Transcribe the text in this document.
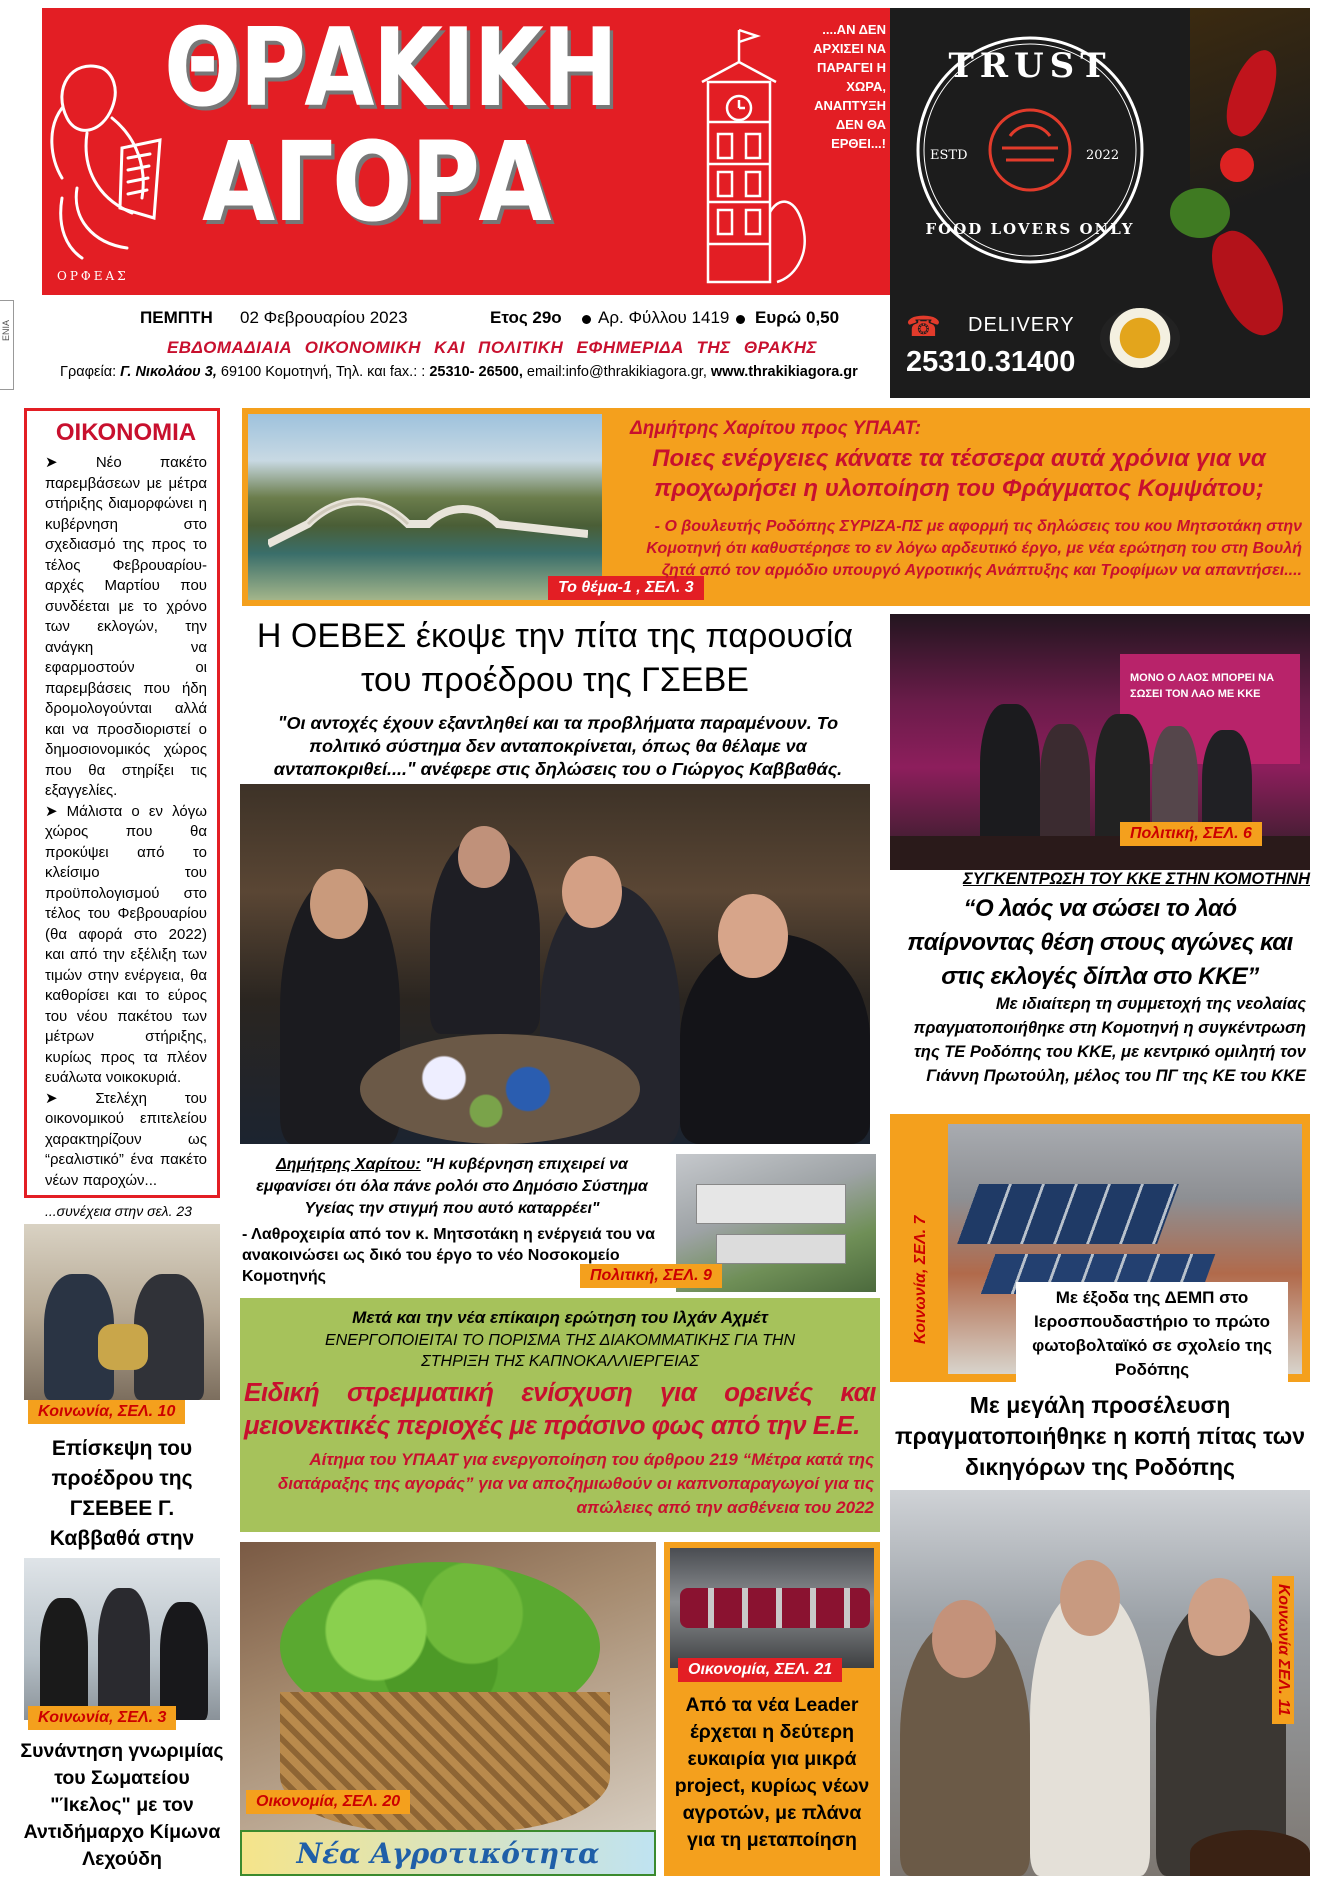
ΟΡΦΕΑΣ
ΘΡΑΚΙΚΗ
ΑΓΟΡΑ
....ΑΝ ΔΕΝ ΑΡΧΙΣΕΙ ΝΑ ΠΑΡΑΓΕΙ Η ΧΩΡΑ, ΑΝΑΠΤΥΞΗ ΔΕΝ ΘΑ ΕΡΘΕΙ...!
ΠΕΜΠΤΗ 02 Φεβρουαρίου 2023	Ετος 29ο Αρ. Φύλλου 1419 Ευρώ 0,50
ΕΒΔΟΜΑΔΙΑΙΑ ΟΙΚΟΝΟΜΙΚΗ ΚΑΙ ΠΟΛΙΤΙΚΗ ΕΦΗΜΕΡΙΔΑ ΤΗΣ ΘΡΑΚΗΣ
Γραφεία: Γ. Νικολάου 3, 69100 Κομοτηνή, Τηλ. και fax.: : 25310- 26500, email:info@thrakikiagora.gr, www.thrakikiagora.gr
ΕΝΙΑ
TRUST
ESTD	2022
FOOD LOVERS ONLY
☎ DELIVERY
25310.31400
ΟΙΚΟΝΟΜΙΑ
➤ Νέο πακέτο παρεμβάσεων με μέτρα στήριξης διαμορφώνει η κυβέρνηση στο σχεδιασμό της προς το τέλος Φεβρουαρίου-αρχές Μαρτίου που συνδέεται με το χρόνο των εκλογών, την ανάγκη να εφαρμοστούν οι παρεμβάσεις που ήδη δρομολογούνται αλλά και να προσδιοριστεί ο δημοσιονομικός χώρος που θα στηρίξει τις εξαγγελίες.
➤ Μάλιστα ο εν λόγω χώρος που θα προκύψει από το κλείσιμο του προϋπολογισμού στο τέλος του Φεβρουαρίου (θα αφορά στο 2022) και από την εξέλιξη των τιμών στην ενέργεια, θα καθορίσει και το εύρος του νέου πακέτου των μέτρων στήριξης, κυρίως προς τα πλέον ευάλωτα νοικοκυριά.
➤ Στελέχη του οικονομικού επιτελείου χαρακτηρίζουν ως “ρεαλιστικό” ένα πακέτο νέων παροχών...
...συνέχεια στην σελ. 23
Το θέμα-1 , ΣΕΛ. 3
Δημήτρης Χαρίτου προς ΥΠΑΑΤ:
Ποιες ενέργειες κάνατε τα τέσσερα αυτά χρόνια για να προχωρήσει η υλοποίηση του Φράγματος Κομψάτου;
- Ο βουλευτής Ροδόπης ΣΥΡΙΖΑ-ΠΣ με αφορμή τις δηλώσεις του κου Μητσοτάκη στην Κομοτηνή ότι καθυστέρησε το εν λόγω αρδευτικό έργο, με νέα ερώτηση του στη Βουλή ζητά από τον αρμόδιο υπουργό Αγροτικής Ανάπτυξης και Τροφίμων να απαντήσει....
Η ΟΕΒΕΣ έκοψε την πίτα της παρουσία του προέδρου της ΓΣΕΒΕ
"Οι αντοχές έχουν εξαντληθεί και τα προβλήματα παραμένουν. Το πολιτικό σύστημα δεν ανταποκρίνεται, όπως θα θέλαμε να ανταποκριθεί...." ανέφερε στις δηλώσεις του ο Γιώργος Καββαθάς.
ΜΟΝΟ Ο ΛΑΟΣ ΜΠΟΡΕΙ ΝΑ ΣΩΣΕΙ ΤΟΝ ΛΑΟ ΜΕ ΚΚΕ
Πολιτική, ΣΕΛ. 6
ΣΥΓΚΕΝΤΡΩΣΗ ΤΟΥ ΚΚΕ ΣΤΗΝ ΚΟΜΟΤΗΝΗ
“Ο λαός να σώσει το λαό παίρνοντας θέση στους αγώνες και στις εκλογές δίπλα στο ΚΚΕ”
Με ιδιαίτερη τη συμμετοχή της νεολαίας πραγματοποιήθηκε στη Κομοτηνή η συγκέντρωση της ΤΕ Ροδόπης του ΚΚΕ, με κεντρικό ομιλητή τον Γιάννη Πρωτούλη, μέλος του ΠΓ της ΚΕ του ΚΚΕ
Δημήτρης Χαρίτου: "Η κυβέρνηση επιχειρεί να εμφανίσει ότι όλα πάνε ρολόι στο Δημόσιο Σύστημα Υγείας την στιγμή που αυτό καταρρέει"
- Λαθροχειρία από τον κ. Μητσοτάκη η ενέργειά του να ανακοινώσει ως δικό του έργο το νέο Νοσοκομείο Κομοτηνής	Πολιτική, ΣΕΛ. 9
Κοινωνία, ΣΕΛ. 10
Επίσκεψη του προέδρου της ΓΣΕΒΕΕ Γ. Καββαθά στην
Κοινωνία, ΣΕΛ. 3
Συνάντηση γνωριμίας του Σωματείου "Ίκελος" με τον Αντιδήμαρχο Κίμωνα Λεχούδη
Μετά και την νέα επίκαιρη ερώτηση του Ιλχάν Αχμέτ
ΕΝΕΡΓΟΠΟΙΕΙΤΑΙ ΤΟ ΠΟΡΙΣΜΑ ΤΗΣ ΔΙΑΚΟΜΜΑΤΙΚΗΣ ΓΙΑ ΤΗΝ ΣΤΗΡΙΞΗ ΤΗΣ ΚΑΠΝΟΚΑΛΛΙΕΡΓΕΙΑΣ
Ειδική στρεμματική ενίσχυση για ορεινές και μειονεκτικές περιοχές με πράσινο φως από την Ε.Ε.
Αίτημα του ΥΠΑΑΤ για ενεργοποίηση του άρθρου 219 “Μέτρα κατά της διατάραξης της αγοράς” για να αποζημιωθούν οι καπνοπαραγωγοί για τις απώλειες από την ασθένεια του 2022
Κοινωνία, ΣΕΛ. 7	Με έξοδα της ΔΕΜΠ στο Ιεροσπουδαστήριο το πρώτο φωτοβολταϊκό σε σχολείο της Ροδόπης
Με μεγάλη προσέλευση πραγματοποιήθηκε η κοπή πίτας των δικηγόρων της Ροδόπης
Κοινωνία ΣΕΛ. 11
Οικονομία, ΣΕΛ. 20
Νέα Αγροτικότητα
Οικονομία, ΣΕΛ. 21
Από τα νέα Leader έρχεται η δεύτερη ευκαιρία για μικρά project, κυρίως νέων αγροτών, με πλάνα για τη μεταποίηση
